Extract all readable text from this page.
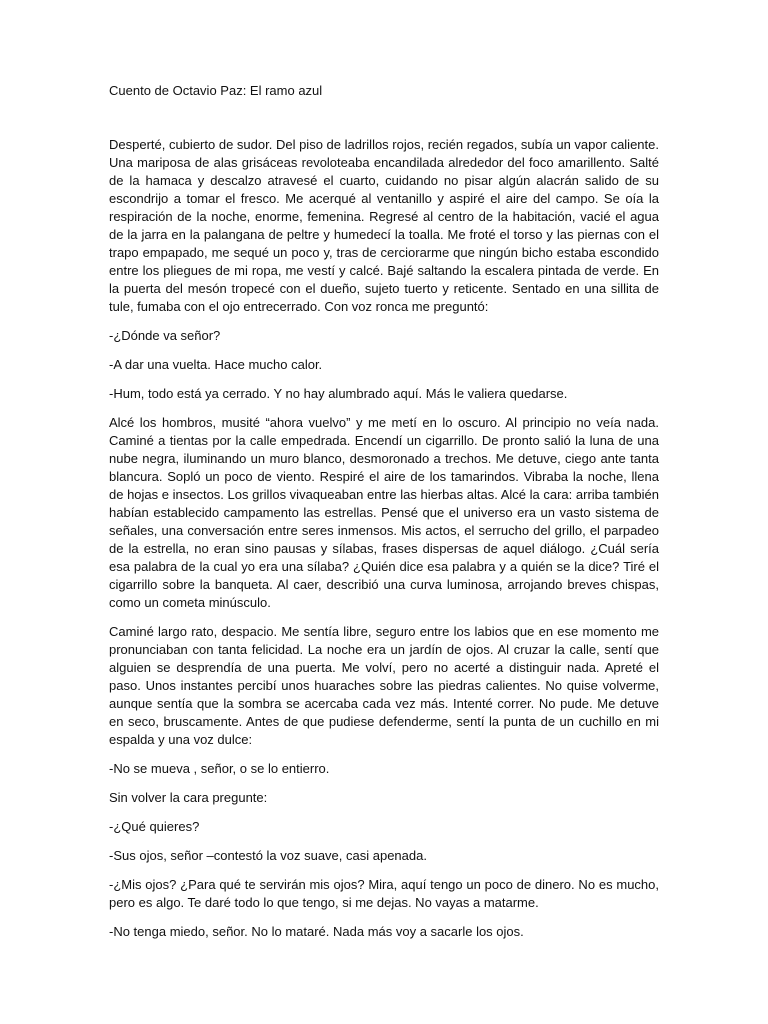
Cuento de Octavio Paz: El ramo azul

Desperté, cubierto de sudor. Del piso de ladrillos rojos, recién regados, subía un vapor caliente. Una mariposa de alas grisáceas revoloteaba encandilada alrededor del foco amarillento. Salté de la hamaca y descalzo atravesé el cuarto, cuidando no pisar algún alacrán salido de su escondrijo a tomar el fresco. Me acerqué al ventanillo y aspiré el aire del campo. Se oía la respiración de la noche, enorme, femenina. Regresé al centro de la habitación, vacié el agua de la jarra en la palangana de peltre y humedecí la toalla. Me froté el torso y las piernas con el trapo empapado, me sequé un poco y, tras de cerciorarme que ningún bicho estaba escondido entre los pliegues de mi ropa, me vestí y calcé. Bajé saltando la escalera pintada de verde. En la puerta del mesón tropecé con el dueño, sujeto tuerto y reticente. Sentado en una sillita de tule, fumaba con el ojo entrecerrado. Con voz ronca me preguntó:

-¿Dónde va señor?

-A dar una vuelta. Hace mucho calor.

-Hum, todo está ya cerrado. Y no hay alumbrado aquí. Más le valiera quedarse.

Alcé los hombros, musité “ahora vuelvo” y me metí en lo oscuro. Al principio no veía nada. Caminé a tientas por la calle empedrada. Encendí un cigarrillo. De pronto salió la luna de una nube negra, iluminando un muro blanco, desmoronado a trechos. Me detuve, ciego ante tanta blancura. Sopló un poco de viento. Respiré el aire de los tamarindos. Vibraba la noche, llena de hojas e insectos. Los grillos vivaqueaban entre las hierbas altas. Alcé la cara: arriba también habían establecido campamento las estrellas. Pensé que el universo era un vasto sistema de señales, una conversación entre seres inmensos. Mis actos, el serrucho del grillo, el parpadeo de la estrella, no eran sino pausas y sílabas, frases dispersas de aquel diálogo. ¿Cuál sería esa palabra de la cual yo era una sílaba? ¿Quién dice esa palabra y a quién se la dice? Tiré el cigarrillo sobre la banqueta. Al caer, describió una curva luminosa, arrojando breves chispas, como un cometa minúsculo.

Caminé largo rato, despacio. Me sentía libre, seguro entre los labios que en ese momento me pronunciaban con tanta felicidad. La noche era un jardín de ojos. Al cruzar la calle, sentí que alguien se desprendía de una puerta. Me volví, pero no acerté a distinguir nada. Apreté el paso. Unos instantes percibí unos huaraches sobre las piedras calientes. No quise volverme, aunque sentía que la sombra se acercaba cada vez más. Intenté correr. No pude. Me detuve en seco, bruscamente. Antes de que pudiese defenderme, sentí la punta de un cuchillo en mi espalda y una voz dulce:

-No se mueva , señor, o se lo entierro.

Sin volver la cara pregunte:

-¿Qué quieres?

-Sus ojos, señor –contestó la voz suave, casi apenada.

-¿Mis ojos? ¿Para qué te servirán mis ojos? Mira, aquí tengo un poco de dinero. No es mucho, pero es algo. Te daré todo lo que tengo, si me dejas. No vayas a matarme.

-No tenga miedo, señor. No lo mataré. Nada más voy a sacarle los ojos.
